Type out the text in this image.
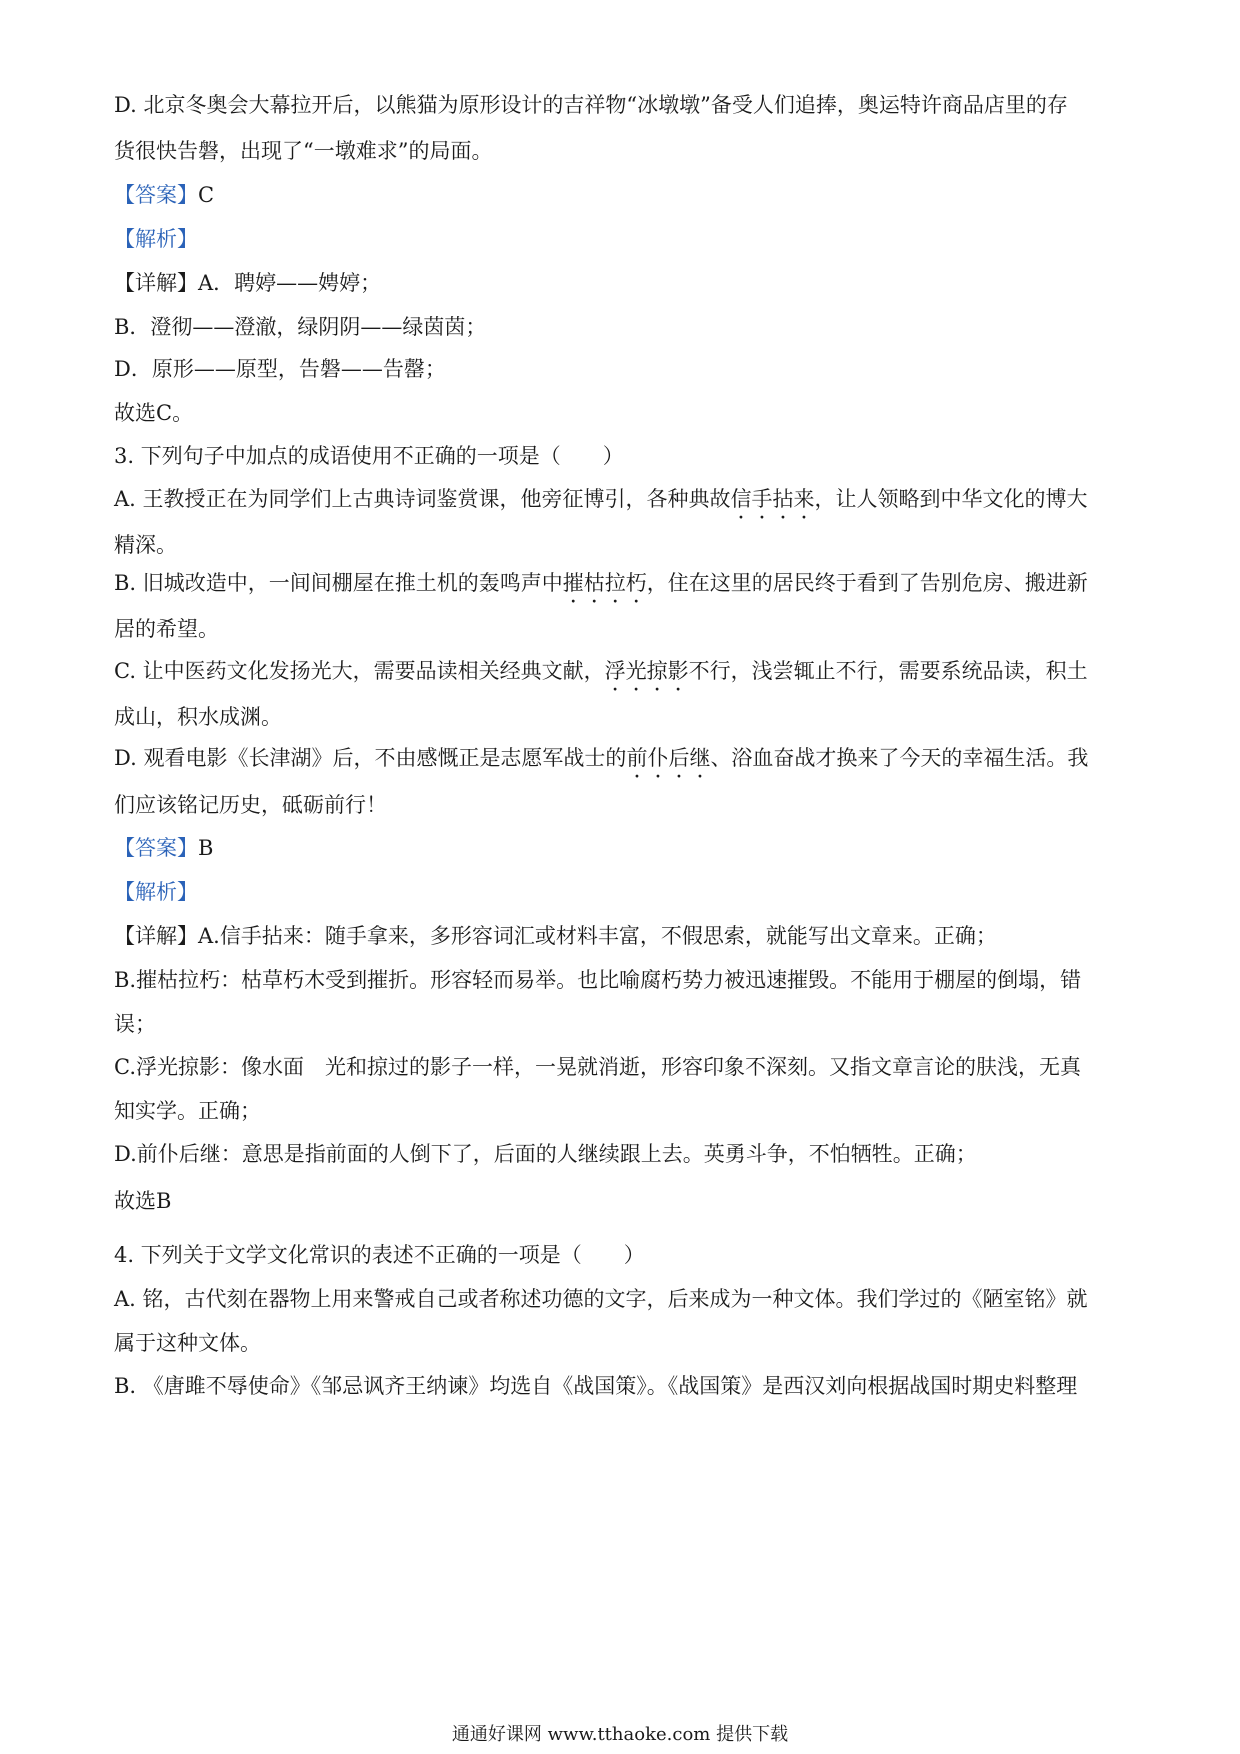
D. 北京冬奥会大幕拉开后，以熊猫为原形设计的吉祥物“冰墩墩”备受人们追捧，奥运特许商品店里的存
货很快告磐，出现了“一墩难求”的局面。
【答案】C
【解析】
【详解】A．聘婷——娉婷；
B．澄彻——澄澈，绿阴阴——绿茵茵；
D．原形——原型，告磐——告罄；
故选C。
3. 下列句子中加点的成语使用不正确的一项是（　　）
A. 王教授正在为同学们上古典诗词鉴赏课，他旁征博引，各种典故信手拈来，让人领略到中华文化的博大
精深。
B. 旧城改造中，一间间棚屋在推土机的轰鸣声中摧枯拉朽，住在这里的居民终于看到了告别危房、搬进新
居的希望。
C. 让中医药文化发扬光大，需要品读相关经典文献，浮光掠影不行，浅尝辄止不行，需要系统品读，积土
成山，积水成渊。
D. 观看电影《长津湖》后，不由感慨正是志愿军战士的前仆后继、浴血奋战才换来了今天的幸福生活。我
们应该铭记历史，砥砺前行！
【答案】B
【解析】
【详解】A.信手拈来：随手拿来，多形容词汇或材料丰富，不假思索，就能写出文章来。正确；
B.摧枯拉朽：枯草朽木受到摧折。形容轻而易举。也比喻腐朽势力被迅速摧毁。不能用于棚屋的倒塌，错
误；
C.浮光掠影：像水面　光和掠过的影子一样，一晃就消逝，形容印象不深刻。又指文章言论的肤浅，无真
知实学。正确；
D.前仆后继：意思是指前面的人倒下了，后面的人继续跟上去。英勇斗争，不怕牺牲。正确；
故选B
4. 下列关于文学文化常识的表述不正确的一项是（　　）
A. 铭，古代刻在器物上用来警戒自己或者称述功德的文字，后来成为一种文体。我们学过的《陋室铭》就
属于这种文体。
B. 《唐雎不辱使命》《邹忌讽齐王纳谏》均选自《战国策》。《战国策》是西汉刘向根据战国时期史料整理
通通好课网 www.tthaoke.com 提供下载
